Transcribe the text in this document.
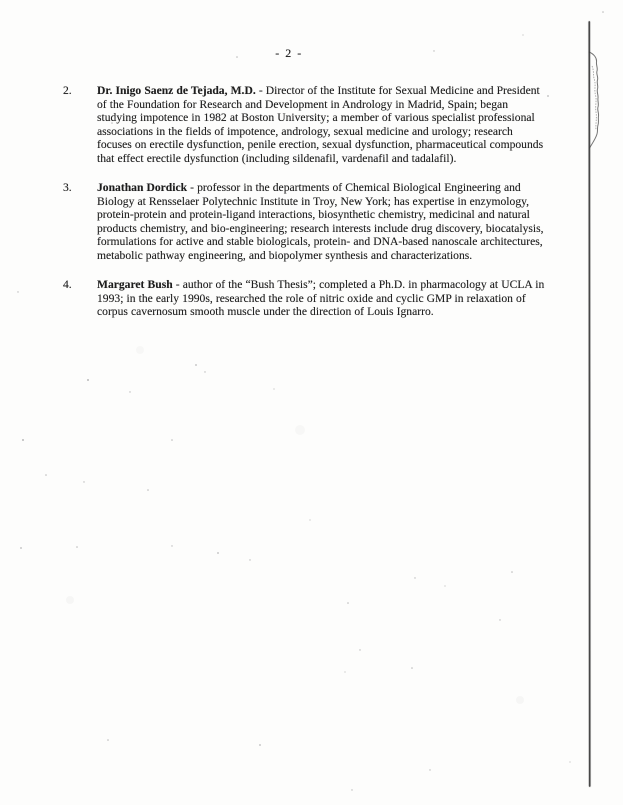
- 2 -
2.	Dr. Inigo Saenz de Tejada, M.D. - Director of the Institute for Sexual Medicine and President of the Foundation for Research and Development in Andrology in Madrid, Spain; began studying impotence in 1982 at Boston University; a member of various specialist professional associations in the fields of impotence, andrology, sexual medicine and urology; research focuses on erectile dysfunction, penile erection, sexual dysfunction, pharmaceutical compounds that effect erectile dysfunction (including sildenafil, vardenafil and tadalafil).
3.	Jonathan Dordick - professor in the departments of Chemical Biological Engineering and Biology at Rensselaer Polytechnic Institute in Troy, New York; has expertise in enzymology, protein-protein and protein-ligand interactions, biosynthetic chemistry, medicinal and natural products chemistry, and bio-engineering; research interests include drug discovery, biocatalysis, formulations for active and stable biologicals, protein- and DNA-based nanoscale architectures, metabolic pathway engineering, and biopolymer synthesis and characterizations.
4.	Margaret Bush - author of the “Bush Thesis”; completed a Ph.D. in pharmacology at UCLA in 1993; in the early 1990s, researched the role of nitric oxide and cyclic GMP in relaxation of corpus cavernosum smooth muscle under the direction of Louis Ignarro.
